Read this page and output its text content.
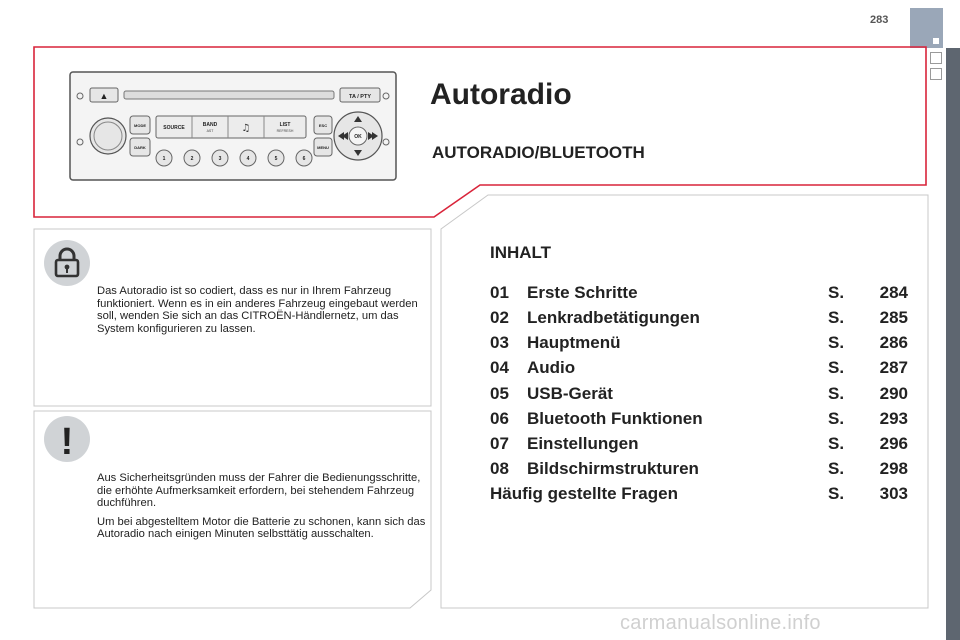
283
▲	TA / PTY
MODE
DARK
SOURCE	BAND
AST	♫	LIST
REFRESH
1	2	3	4	5	6
ESC
MENU
OK
Autoradio
AUTORADIO/BLUETOOTH

Das Autoradio ist so codiert, dass es nur in Ihrem Fahrzeug funktioniert. Wenn es in ein anderes Fahrzeug eingebaut werden soll, wenden Sie sich an das CITROËN-Händlernetz, um das System konfigurieren zu lassen.

!

Aus Sicherheitsgründen muss der Fahrer die Bedienungsschritte, die erhöhte Aufmerksamkeit erfordern, bei stehendem Fahrzeug duchführen.

Um bei abgestelltem Motor die Batterie zu schonen, kann sich das Autoradio nach einigen Minuten selbsttätig ausschalten.

INHALT
01 Erste Schritte	S. 284
02 Lenkradbetätigungen	S. 285
03 Hauptmenü	S. 286
04 Audio	S. 287
05 USB-Gerät	S. 290
06 Bluetooth Funktionen	S. 293
07 Einstellungen	S. 296
08 Bildschirmstrukturen	S. 298
Häufig gestellte Fragen	S. 303
carmanualsonline.info
